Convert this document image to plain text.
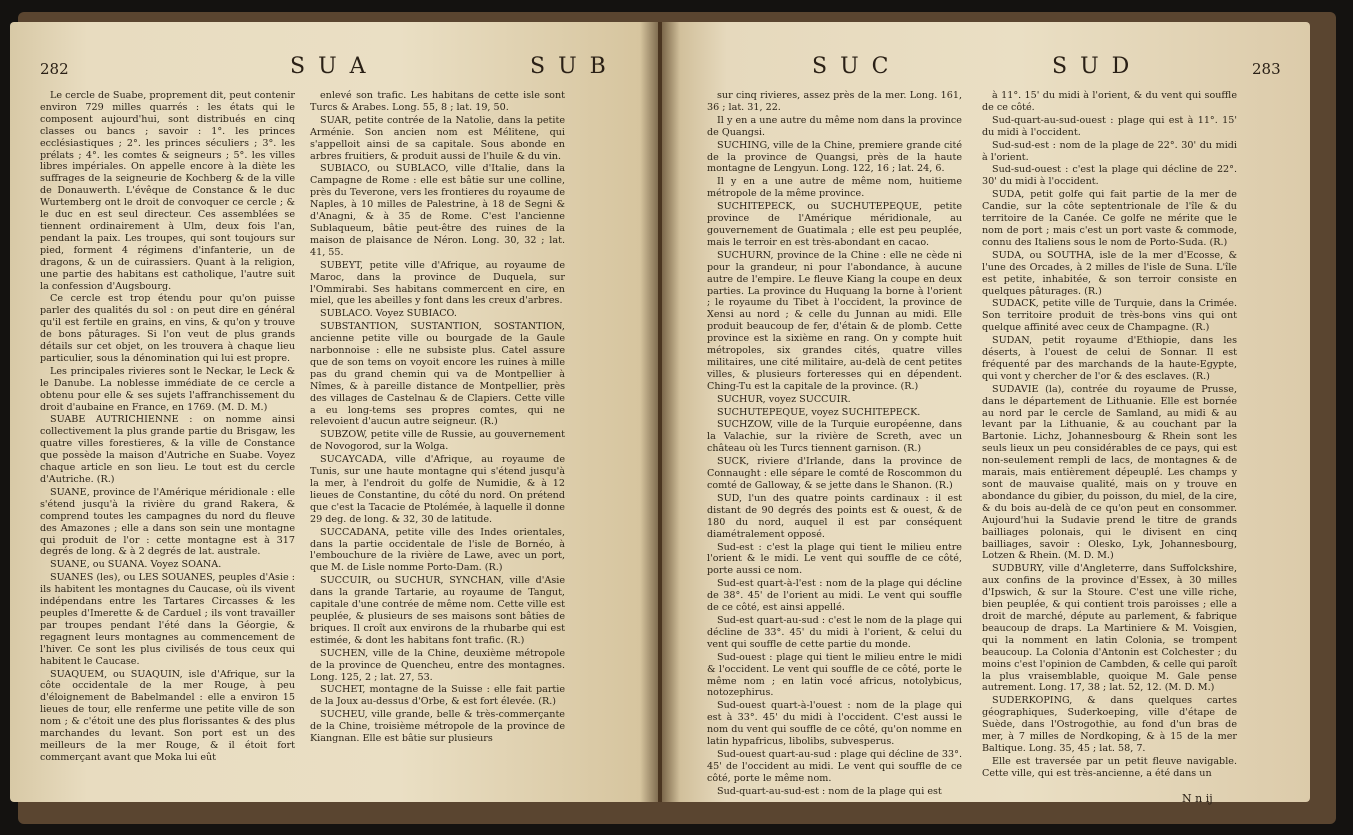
282	S U A	S U B

Le cercle de Suabe, proprement dit, peut contenir environ 729 milles quarrés : les états qui le composent aujourd'hui, sont distribués en cinq classes ou bancs ; savoir : 1°. les princes ecclésiastiques ; 2°. les princes séculiers ; 3°. les prélats ; 4°. les comtes & seigneurs ; 5°. les villes libres impériales. On appelle encore à la diète les suffrages de la seigneurie de Kochberg & de la ville de Donauwerth. L'évêque de Constance & le duc Wurtemberg ont le droit de convoquer ce cercle ; & le duc en est seul directeur. Ces assemblées se tiennent ordinairement à Ulm, deux fois l'an, pendant la paix. Les troupes, qui sont toujours sur pied, forment 4 régimens d'infanterie, un de dragons, & un de cuirassiers. Quant à la religion, une partie des habitans est catholique, l'autre suit la confession d'Augsbourg.

Ce cercle est trop étendu pour qu'on puisse parler des qualités du sol : on peut dire en général qu'il est fertile en grains, en vins, & qu'on y trouve de bons pâturages. Si l'on veut de plus grands détails sur cet objet, on les trouvera à chaque lieu particulier, sous la dénomination qui lui est propre.

Les principales rivieres sont le Neckar, le Leck & le Danube. La noblesse immédiate de ce cercle a obtenu pour elle & ses sujets l'affranchissement du droit d'aubaine en France, en 1769. (M. D. M.)

SUABE AUTRICHIENNE : on nomme ainsi collectivement la plus grande partie du Brisgaw, les quatre villes forestieres, & la ville de Constance que possède la maison d'Autriche en Suabe. Voyez chaque article en son lieu. Le tout est du cercle d'Autriche. (R.)

SUANE, province de l'Amérique méridionale : elle s'étend jusqu'à la rivière du grand Rakera, & comprend toutes les campagnes du nord du fleuve des Amazones ; elle a dans son sein une montagne qui produit de l'or : cette montagne est à 317 degrés de long. & à 2 degrés de lat. australe.

SUANE, ou SUANA. Voyez SOANA.

SUANES (les), ou LES SOUANES, peuples d'Asie : ils habitent les montagnes du Caucase, où ils vivent indépendans entre les Tartares Circasses & les peuples d'Imerette & de Carduel ; ils vont travailler par troupes pendant l'été dans la Géorgie, & regagnent leurs montagnes au commencement de l'hiver. Ce sont les plus civilisés de tous ceux qui habitent le Caucase.

SUAQUEM, ou SUAQUIN, isle d'Afrique, sur la côte occidentale de la mer Rouge, à peu d'éloignement de Babelmandel : elle a environ 15 lieues de tour, elle renferme une petite ville de son nom ; & c'étoit une des plus florissantes & des plus marchandes du levant. Son port est un des meilleurs de la mer Rouge, & il étoit fort commerçant avant que Moka lui eût

enlevé son trafic. Les habitans de cette isle sont Turcs & Arabes. Long. 55, 8 ; lat. 19, 50.

SUAR, petite contrée de la Natolie, dans la petite Arménie. Son ancien nom est Mélitene, qui s'appelloit ainsi de sa capitale. Sous abonde en arbres fruitiers, & produit aussi de l'huile & du vin.

SUBIACO, ou SUBLACO, ville d'Italie, dans la Campagne de Rome : elle est bâtie sur une colline, près du Teverone, vers les frontieres du royaume de Naples, à 10 milles de Palestrine, à 18 de Segni & d'Anagni, & à 35 de Rome. C'est l'ancienne Sublaqueum, bâtie peut-être des ruines de la maison de plaisance de Néron. Long. 30, 32 ; lat. 41, 55.

SUBEYT, petite ville d'Afrique, au royaume de Maroc, dans la province de Duquela, sur l'Ommirabi. Ses habitans commercent en cire, en miel, que les abeilles y font dans les creux d'arbres.

SUBLACO. Voyez SUBIACO.

SUBSTANTION, SUSTANTION, SOSTANTION, ancienne petite ville ou bourgade de la Gaule narbonnoise : elle ne subsiste plus. Catel assure que de son tems on voyoit encore les ruines à mille pas du grand chemin qui va de Montpellier à Nîmes, & à pareille distance de Montpellier, près des villages de Castelnau & de Clapiers. Cette ville a eu long-tems ses propres comtes, qui ne relevoient d'aucun autre seigneur. (R.)

SUBZOW, petite ville de Russie, au gouvernement de Novogorod, sur la Wolga.

SUCAYCADA, ville d'Afrique, au royaume de Tunis, sur une haute montagne qui s'étend jusqu'à la mer, à l'endroit du golfe de Numidie, & à 12 lieues de Constantine, du côté du nord. On prétend que c'est la Tacacie de Ptolémée, à laquelle il donne 29 deg. de long. & 32, 30 de latitude.

SUCCADANA, petite ville des Indes orientales, dans la partie occidentale de l'isle de Bornéo, à l'embouchure de la rivière de Lawe, avec un port, que M. de Lisle nomme Porto-Dam. (R.)

SUCCUIR, ou SUCHUR, SYNCHAN, ville d'Asie dans la grande Tartarie, au royaume de Tangut, capitale d'une contrée de même nom. Cette ville est peuplée, & plusieurs de ses maisons sont bâties de briques. Il croît aux environs de la rhubarbe qui est estimée, & dont les habitans font trafic. (R.)

SUCHEN, ville de la Chine, deuxième métropole de la province de Quencheu, entre des montagnes. Long. 125, 2 ; lat. 27, 53.

SUCHET, montagne de la Suisse : elle fait partie de la Joux au-dessus d'Orbe, & est fort élevée. (R.)

SUCHEU, ville grande, belle & très-commerçante de la Chine, troisième métropole de la province de Kiangnan. Elle est bâtie sur plusieurs

S U C	S U D	283

sur cinq rivieres, assez près de la mer. Long. 161, 36 ; lat. 31, 22.

Il y en a une autre du même nom dans la province de Quangsi.

SUCHING, ville de la Chine, premiere grande cité de la province de Quangsi, près de la haute montagne de Lengyun. Long. 122, 16 ; lat. 24, 6.

Il y en a une autre de même nom, huitieme métropole de la même province.

SUCHITEPECK, ou SUCHUTEPEQUE, petite province de l'Amérique méridionale, au gouvernement de Guatimala ; elle est peu peuplée, mais le terroir en est très-abondant en cacao.

SUCHURN, province de la Chine : elle ne cède ni pour la grandeur, ni pour l'abondance, à aucune autre de l'empire. Le fleuve Kiang la coupe en deux parties. La province du Huquang la borne à l'orient ; le royaume du Tibet à l'occident, la province de Xensi au nord ; & celle du Junnan au midi. Elle produit beaucoup de fer, d'étain & de plomb. Cette province est la sixième en rang. On y compte huit métropoles, six grandes cités, quatre villes militaires, une cité militaire, au-delà de cent petites villes, & plusieurs forteresses qui en dépendent. Ching-Tu est la capitale de la province. (R.)

SUCHUR, voyez SUCCUIR.

SUCHUTEPEQUE, voyez SUCHITEPECK.

SUCHZOW, ville de la Turquie européenne, dans la Valachie, sur la rivière de Screth, avec un château où les Turcs tiennent garnison. (R.)

SUCK, riviere d'Irlande, dans la province de Connaught : elle sépare le comté de Roscommon du comté de Galloway, & se jette dans le Shanon. (R.)

SUD, l'un des quatre points cardinaux : il est distant de 90 degrés des points est & ouest, & de 180 du nord, auquel il est par conséquent diamétralement opposé.

Sud-est : c'est la plage qui tient le milieu entre l'orient & le midi. Le vent qui souffle de ce côté, porte aussi ce nom.

Sud-est quart-à-l'est : nom de la plage qui décline de 38°. 45' de l'orient au midi. Le vent qui souffle de ce côté, est ainsi appellé.

Sud-est quart-au-sud : c'est le nom de la plage qui décline de 33°. 45' du midi à l'orient, & celui du vent qui souffle de cette partie du monde.

Sud-ouest : plage qui tient le milieu entre le midi & l'occident. Le vent qui souffle de ce côté, porte le même nom ; en latin vocé africus, notolybicus, notozephirus.

Sud-ouest quart-à-l'ouest : nom de la plage qui est à 33°. 45' du midi à l'occident. C'est aussi le nom du vent qui souffle de ce côté, qu'on nomme en latin hypafricus, libolibs, subvesperus.

Sud-ouest quart-au-sud : plage qui décline de 33°. 45' de l'occident au midi. Le vent qui souffle de ce côté, porte le même nom.

Sud-quart-au-sud-est : nom de la plage qui est

à 11°. 15' du midi à l'orient, & du vent qui souffle de ce côté.

Sud-quart-au-sud-ouest : plage qui est à 11°. 15' du midi à l'occident.

Sud-sud-est : nom de la plage de 22°. 30' du midi à l'orient.

Sud-sud-ouest : c'est la plage qui décline de 22°. 30' du midi à l'occident.

SUDA, petit golfe qui fait partie de la mer de Candie, sur la côte septentrionale de l'île & du territoire de la Canée. Ce golfe ne mérite que le nom de port ; mais c'est un port vaste & commode, connu des Italiens sous le nom de Porto-Suda. (R.)

SUDA, ou SOUTHA, isle de la mer d'Ecosse, & l'une des Orcades, à 2 milles de l'isle de Suna. L'île est petite, inhabitée, & son terroir consiste en quelques pâturages. (R.)

SUDACK, petite ville de Turquie, dans la Crimée. Son territoire produit de très-bons vins qui ont quelque affinité avec ceux de Champagne. (R.)

SUDAN, petit royaume d'Ethiopie, dans les déserts, à l'ouest de celui de Sonnar. Il est fréquenté par des marchands de la haute-Egypte, qui vont y chercher de l'or & des esclaves. (R.)

SUDAVIE (la), contrée du royaume de Prusse, dans le département de Lithuanie. Elle est bornée au nord par le cercle de Samland, au midi & au levant par la Lithuanie, & au couchant par la Bartonie. Lichz, Johannesbourg & Rhein sont les seuls lieux un peu considérables de ce pays, qui est non-seulement rempli de lacs, de montagnes & de marais, mais entièrement dépeuplé. Les champs y sont de mauvaise qualité, mais on y trouve en abondance du gibier, du poisson, du miel, de la cire, & du bois au-delà de ce qu'on peut en consommer. Aujourd'hui la Sudavie prend le titre de grands bailliages polonais, qui le divisent en cinq bailliages, savoir : Olesko, Lyk, Johannesbourg, Lotzen & Rhein. (M. D. M.)

SUDBURY, ville d'Angleterre, dans Suffolckshire, aux confins de la province d'Essex, à 30 milles d'Ipswich, & sur la Stoure. C'est une ville riche, bien peuplée, & qui contient trois paroisses ; elle a droit de marché, députe au parlement, & fabrique beaucoup de draps. La Martiniere & M. Voisgien, qui la nomment en latin Colonia, se trompent beaucoup. La Colonia d'Antonin est Colchester ; du moins c'est l'opinion de Cambden, & celle qui paroît la plus vraisemblable, quoique M. Gale pense autrement. Long. 17, 38 ; lat. 52, 12. (M. D. M.)

SUDERKOPING, & dans quelques cartes géographiques, Suderkoeping, ville d'étape de Suède, dans l'Ostrogothie, au fond d'un bras de mer, à 7 milles de Nordkoping, & à 15 de la mer Baltique. Long. 35, 45 ; lat. 58, 7.

Elle est traversée par un petit fleuve navigable. Cette ville, qui est très-ancienne, a été dans un

N n ij
